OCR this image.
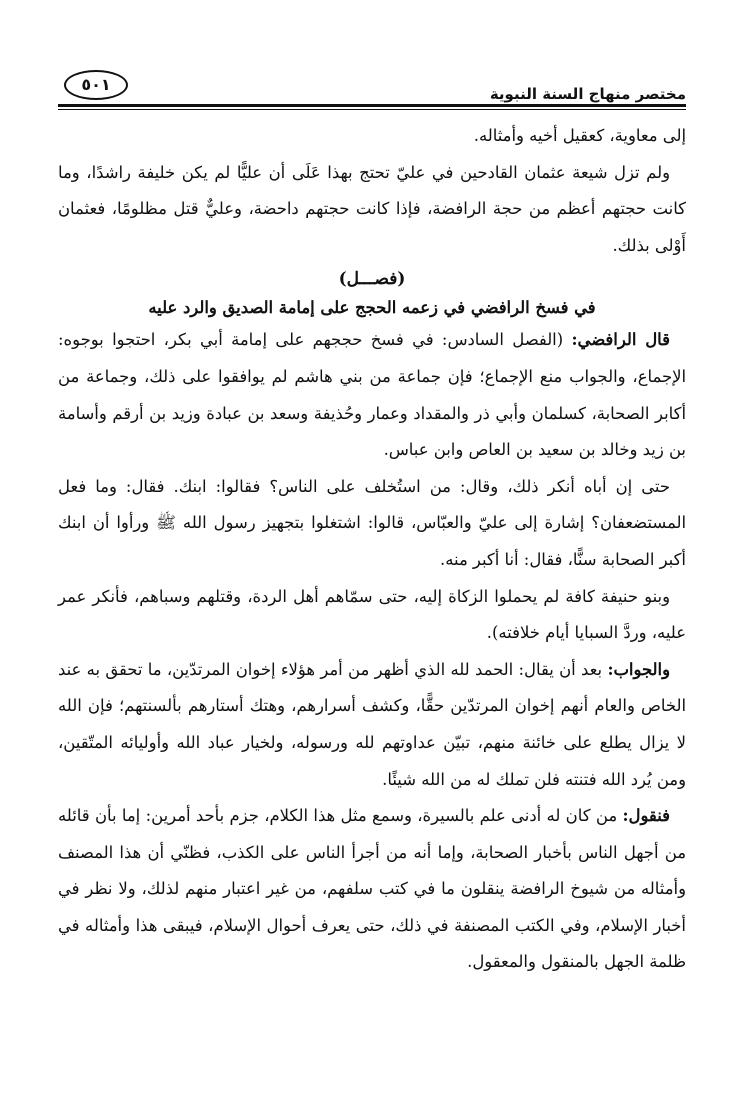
مختصر منهاج السنة النبوية
٥٠١

إلى معاوية، كعقيل أخيه وأمثاله.

ولم تزل شيعة عثمان القادحين في عليّ تحتج بهذا عَلَى أن عليًّا لم يكن خليفة راشدًا، وما كانت حجتهم أعظم من حجة الرافضة، فإذا كانت حجتهم داحضة، وعليٌّ قتل مظلومًا، فعثمان أَوْلى بذلك.

(فصـــل)

في فسخ الرافضي في زعمه الحجج على إمامة الصديق والرد عليه

قال الرافضي: (الفصل السادس: في فسخ حججهم على إمامة أبي بكر، احتجوا بوجوه: الإجماع، والجواب منع الإجماع؛ فإن جماعة من بني هاشم لم يوافقوا على ذلك، وجماعة من أكابر الصحابة، كسلمان وأبي ذر والمقداد وعمار وحُذيفة وسعد بن عبادة وزيد بن أرقم وأسامة بن زيد وخالد بن سعيد بن العاص وابن عباس.

حتى إن أباه أنكر ذلك، وقال: من استُخلف على الناس؟ فقالوا: ابنك. فقال: وما فعل المستضعفان؟ إشارة إلى عليّ والعبّاس، قالوا: اشتغلوا بتجهيز رسول الله ﷺ ورأوا أن ابنك أكبر الصحابة سنًّا، فقال: أنا أكبر منه.

وبنو حنيفة كافة لم يحملوا الزكاة إليه، حتى سمّاهم أهل الردة، وقتلهم وسباهم، فأنكر عمر عليه، وردَّ السبايا أيام خلافته).

والجواب: بعد أن يقال: الحمد لله الذي أظهر من أمر هؤلاء إخوان المرتدّين، ما تحقق به عند الخاص والعام أنهم إخوان المرتدّين حقًّا، وكشف أسرارهم، وهتك أستارهم بألسنتهم؛ فإن الله لا يزال يطلع على خائنة منهم، تبيّن عداوتهم لله ورسوله، ولخيار عباد الله وأوليائه المتّقين، ومن يُرد الله فتنته فلن تملك له من الله شيئًا.

فنقول: من كان له أدنى علم بالسيرة، وسمع مثل هذا الكلام، جزم بأحد أمرين: إما بأن قائله من أجهل الناس بأخبار الصحابة، وإما أنه من أجرأ الناس على الكذب، فظنّي أن هذا المصنف وأمثاله من شيوخ الرافضة ينقلون ما في كتب سلفهم، من غير اعتبار منهم لذلك، ولا نظر في أخبار الإسلام، وفي الكتب المصنفة في ذلك، حتى يعرف أحوال الإسلام، فيبقى هذا وأمثاله في ظلمة الجهل بالمنقول والمعقول.
